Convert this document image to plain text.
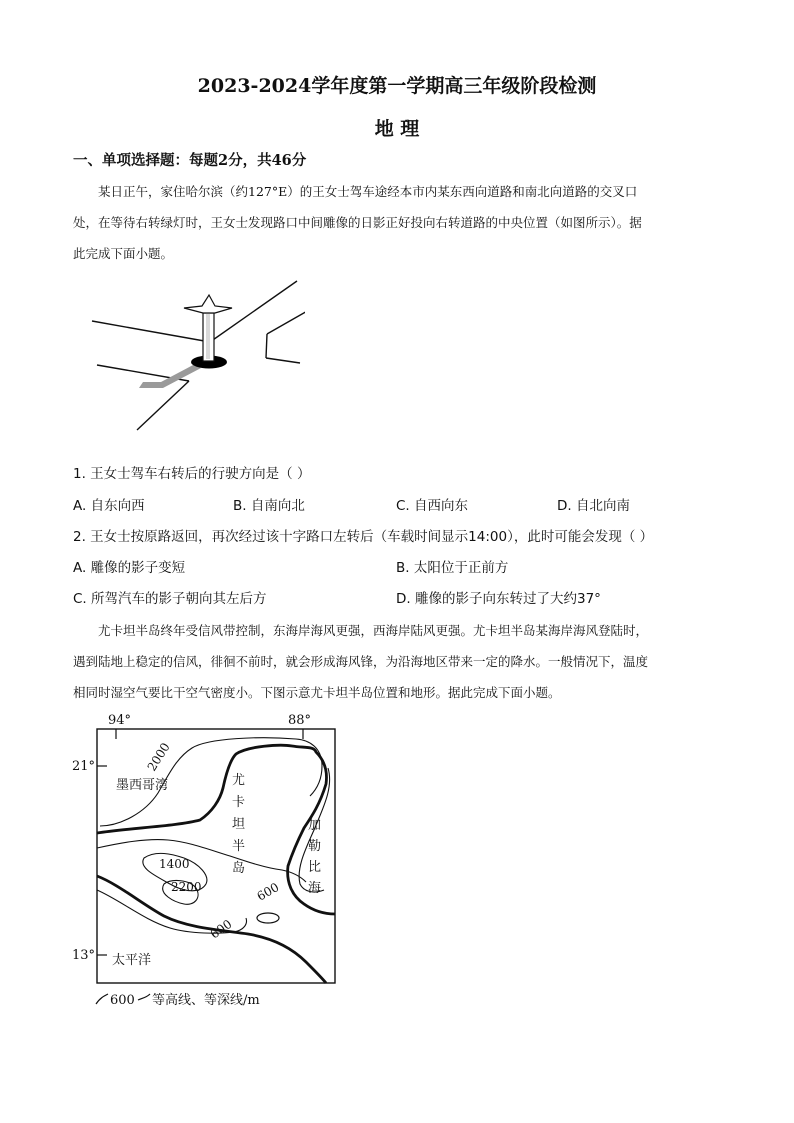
2023-2024学年度第一学期高三年级阶段检测
地 理
一、单项选择题：每题2分，共46分
某日正午，家住哈尔滨（约127°E）的王女士驾车途经本市内某东西向道路和南北向道路的交叉口
处，在等待右转绿灯时，王女士发现路口中间雕像的日影正好投向右转道路的中央位置（如图所示）。据
此完成下面小题。
1. 王女士驾车右转后的行驶方向是（ ）
A. 自东向西	B. 自南向北	C. 自西向东	D. 自北向南
2. 王女士按原路返回，再次经过该十字路口左转后（车载时间显示14:00），此时可能会发现（ ）
A. 雕像的影子变短	B. 太阳位于正前方
C. 所驾汽车的影子朝向其左后方	D. 雕像的影子向东转过了大约37°
尤卡坦半岛终年受信风带控制，东海岸海风更强，西海岸陆风更强。尤卡坦半岛某海岸海风登陆时，
遇到陆地上稳定的信风，徘徊不前时，就会形成海风锋，为沿海地区带来一定的降水。一般情况下，温度
相同时湿空气要比干空气密度小。下图示意尤卡坦半岛位置和地形。据此完成下面小题。
94°	88°
21°
13°
2000
600
1400
2200
600
墨西哥湾	尤
卡
坦
半
岛
加
勒
比
海
太平洋
600 等高线、等深线/m
